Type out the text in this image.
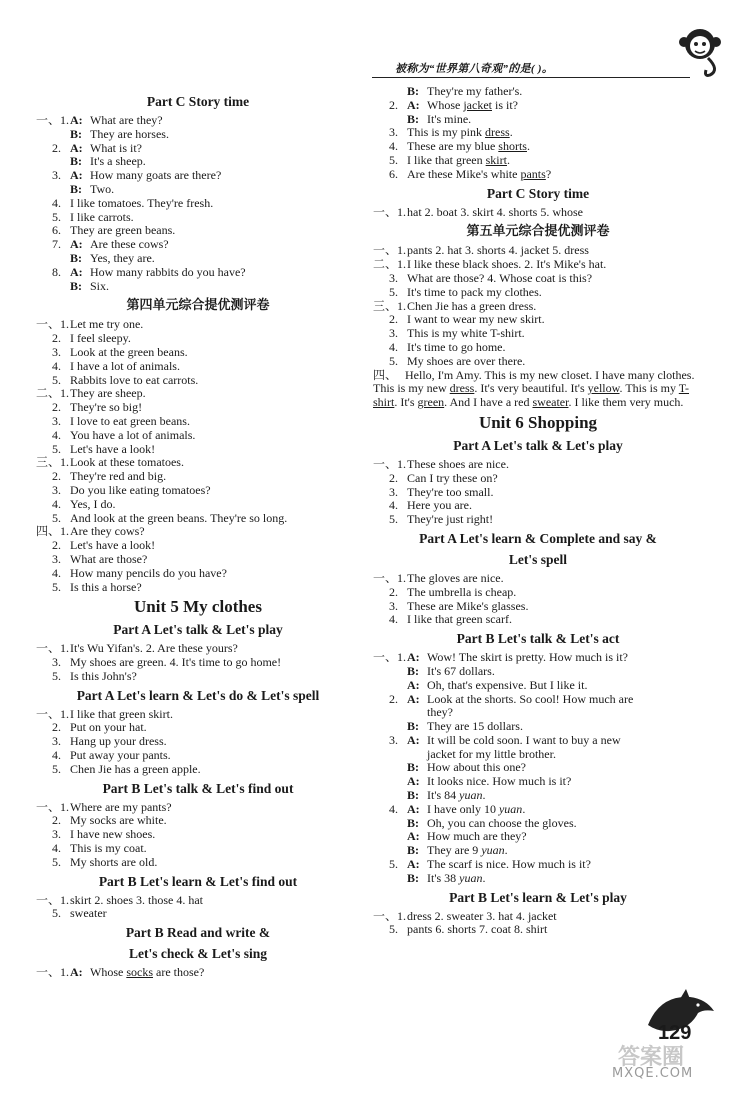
被称为“世界第八奇观”的是( )。
Part C Story time
一、1. A: What are they?
B: They are horses.
2. A: What is it?
B: It's a sheep.
3. A: How many goats are there?
B: Two.
4. I like tomatoes. They're fresh.
5. I like carrots.
6. They are green beans.
7. A: Are these cows?
B: Yes, they are.
8. A: How many rabbits do you have?
B: Six.
第四单元综合提优测评卷
一、1. Let me try one.
2. I feel sleepy.
3. Look at the green beans.
4. I have a lot of animals.
5. Rabbits love to eat carrots.
二、1. They are sheep.
2. They're so big!
3. I love to eat green beans.
4. You have a lot of animals.
5. Let's have a look!
三、1. Look at these tomatoes.
2. They're red and big.
3. Do you like eating tomatoes?
4. Yes, I do.
5. And look at the green beans. They're so long.
四、1. Are they cows?
2. Let's have a look!
3. What are those?
4. How many pencils do you have?
5. Is this a horse?
Unit 5 My clothes
Part A Let's talk & Let's play
一、1. It's Wu Yifan's. 2. Are these yours?
3. My shoes are green. 4. It's time to go home!
5. Is this John's?
Part A Let's learn & Let's do & Let's spell
一、1. I like that green skirt.
2. Put on your hat.
3. Hang up your dress.
4. Put away your pants.
5. Chen Jie has a green apple.
Part B Let's talk & Let's find out
一、1. Where are my pants?
2. My socks are white.
3. I have new shoes.
4. This is my coat.
5. My shorts are old.
Part B Let's learn & Let's find out
一、1. skirt 2. shoes 3. those 4. hat
5. sweater
Part B Read and write &
Let's check & Let's sing
一、1. A: Whose socks are those?
B: They're my father's.
2. A: Whose jacket is it?
B: It's mine.
3. This is my pink dress.
4. These are my blue shorts.
5. I like that green skirt.
6. Are these Mike's white pants?
Part C Story time
一、1. hat 2. boat 3. skirt 4. shorts 5. whose
第五单元综合提优测评卷
一、1. pants 2. hat 3. shorts 4. jacket 5. dress
二、1. I like these black shoes. 2. It's Mike's hat.
3. What are those? 4. Whose coat is this?
5. It's time to pack my clothes.
三、1. Chen Jie has a green dress.
2. I want to wear my new skirt.
3. This is my white T-shirt.
4. It's time to go home.
5. My shoes are over there.
四、 Hello, I'm Amy. This is my new closet. I have many clothes. This is my new dress. It's very beautiful. It's yellow. This is my T-shirt. It's green. And I have a red sweater. I like them very much.
Unit 6 Shopping
Part A Let's talk & Let's play
一、1. These shoes are nice.
2. Can I try these on?
3. They're too small.
4. Here you are.
5. They're just right!
Part A Let's learn & Complete and say &
Let's spell
一、1. The gloves are nice.
2. The umbrella is cheap.
3. These are Mike's glasses.
4. I like that green scarf.
Part B Let's talk & Let's act
一、1. A: Wow! The skirt is pretty. How much is it?
B: It's 67 dollars.
A: Oh, that's expensive. But I like it.
2. A: Look at the shorts. So cool! How much are
they?
B: They are 15 dollars.
3. A: It will be cold soon. I want to buy a new
jacket for my little brother.
B: How about this one?
A: It looks nice. How much is it?
B: It's 84 yuan.
4. A: I have only 10 yuan.
B: Oh, you can choose the gloves.
A: How much are they?
B: They are 9 yuan.
5. A: The scarf is nice. How much is it?
B: It's 38 yuan.
Part B Let's learn & Let's play
一、1. dress 2. sweater 3. hat 4. jacket
5. pants 6. shorts 7. coat 8. shirt
答案圈
129
MXQE.COM
